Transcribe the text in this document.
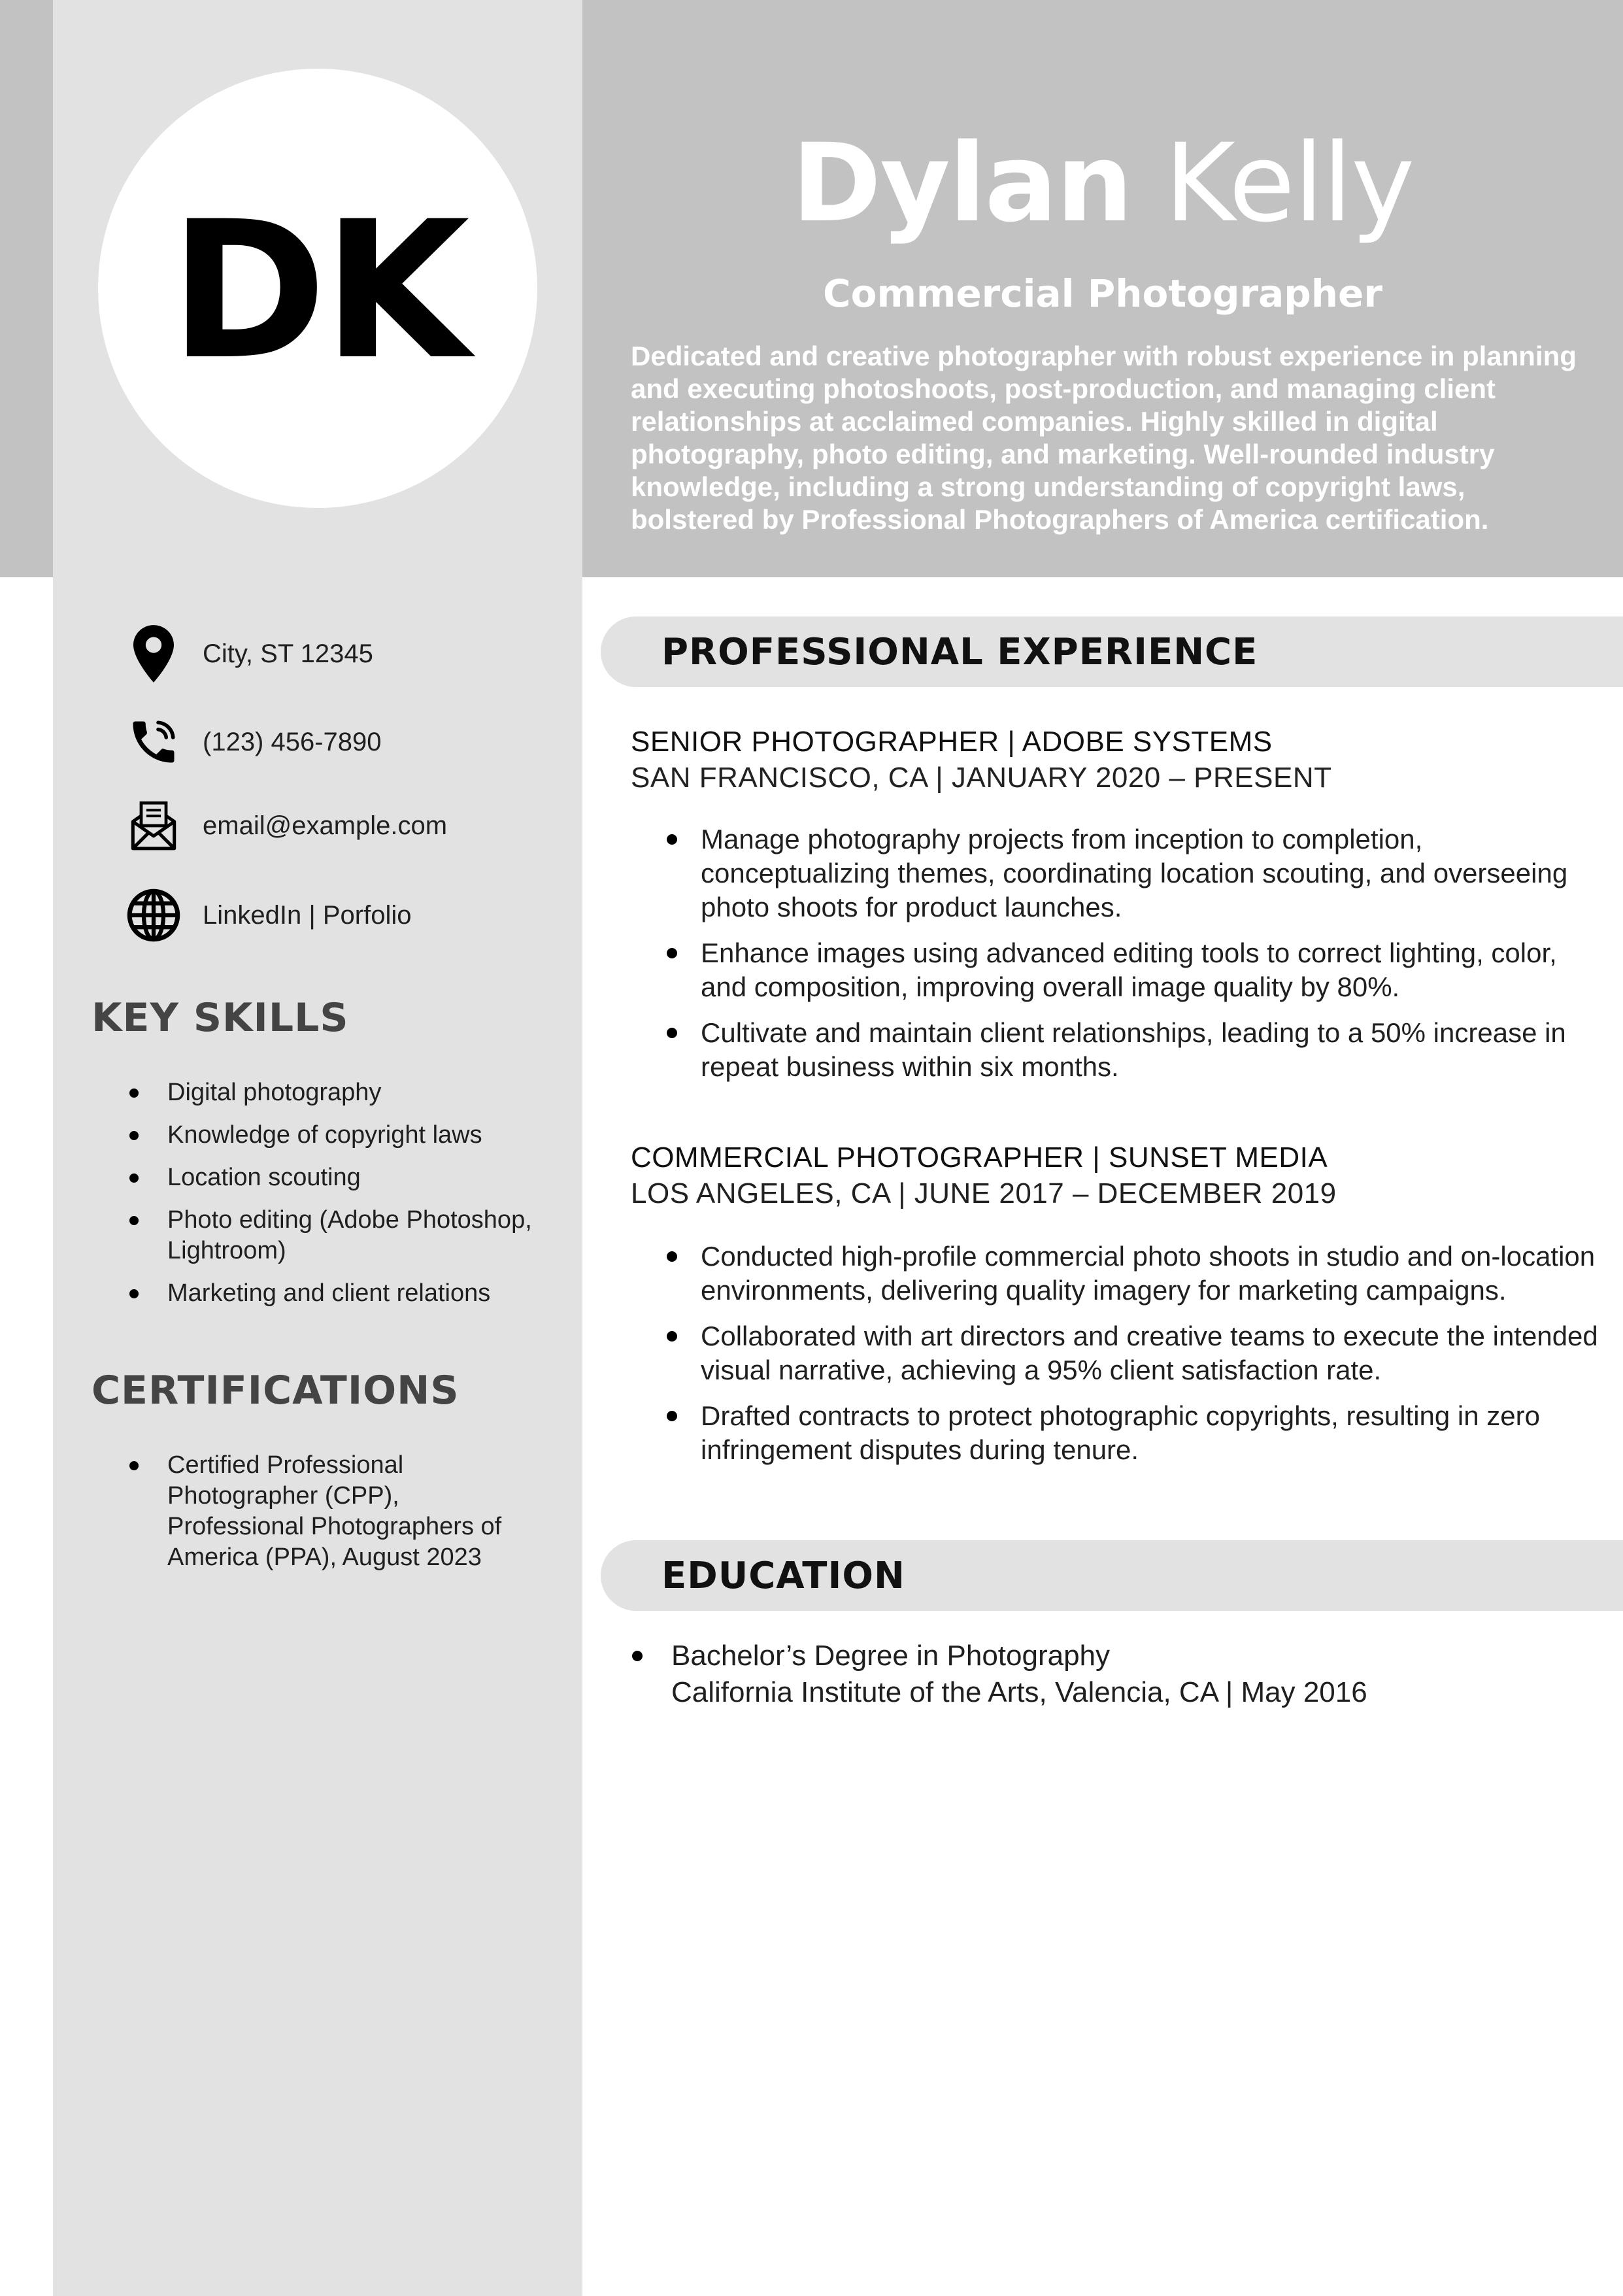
DK	Dylan Kelly
Commercial Photographer
Dedicated and creative photographer with robust experience in planning and executing photoshoots, post-production, and managing client relationships at acclaimed companies. Highly skilled in digital photography, photo editing, and marketing. Well-rounded industry knowledge, including a strong understanding of copyright laws, bolstered by Professional Photographers of America certification.
City, ST 12345
(123) 456-7890
email@example.com
LinkedIn | Porfolio
KEY SKILLS
Digital photography
Knowledge of copyright laws
Location scouting
Photo editing (Adobe Photoshop, Lightroom)
Marketing and client relations
CERTIFICATIONS
Certified Professional Photographer (CPP), Professional Photographers of America (PPA), August 2023
PROFESSIONAL EXPERIENCE
SENIOR PHOTOGRAPHER | ADOBE SYSTEMS
SAN FRANCISCO, CA | JANUARY 2020 – PRESENT
Manage photography projects from inception to completion, conceptualizing themes, coordinating location scouting, and overseeing photo shoots for product launches.
Enhance images using advanced editing tools to correct lighting, color, and composition, improving overall image quality by 80%.
Cultivate and maintain client relationships, leading to a 50% increase in repeat business within six months.
COMMERCIAL PHOTOGRAPHER | SUNSET MEDIA
LOS ANGELES, CA | JUNE 2017 – DECEMBER 2019
Conducted high-profile commercial photo shoots in studio and on-location environments, delivering quality imagery for marketing campaigns.
Collaborated with art directors and creative teams to execute the intended visual narrative, achieving a 95% client satisfaction rate.
Drafted contracts to protect photographic copyrights, resulting in zero infringement disputes during tenure.
EDUCATION
Bachelor’s Degree in Photography
California Institute of the Arts, Valencia, CA | May 2016
